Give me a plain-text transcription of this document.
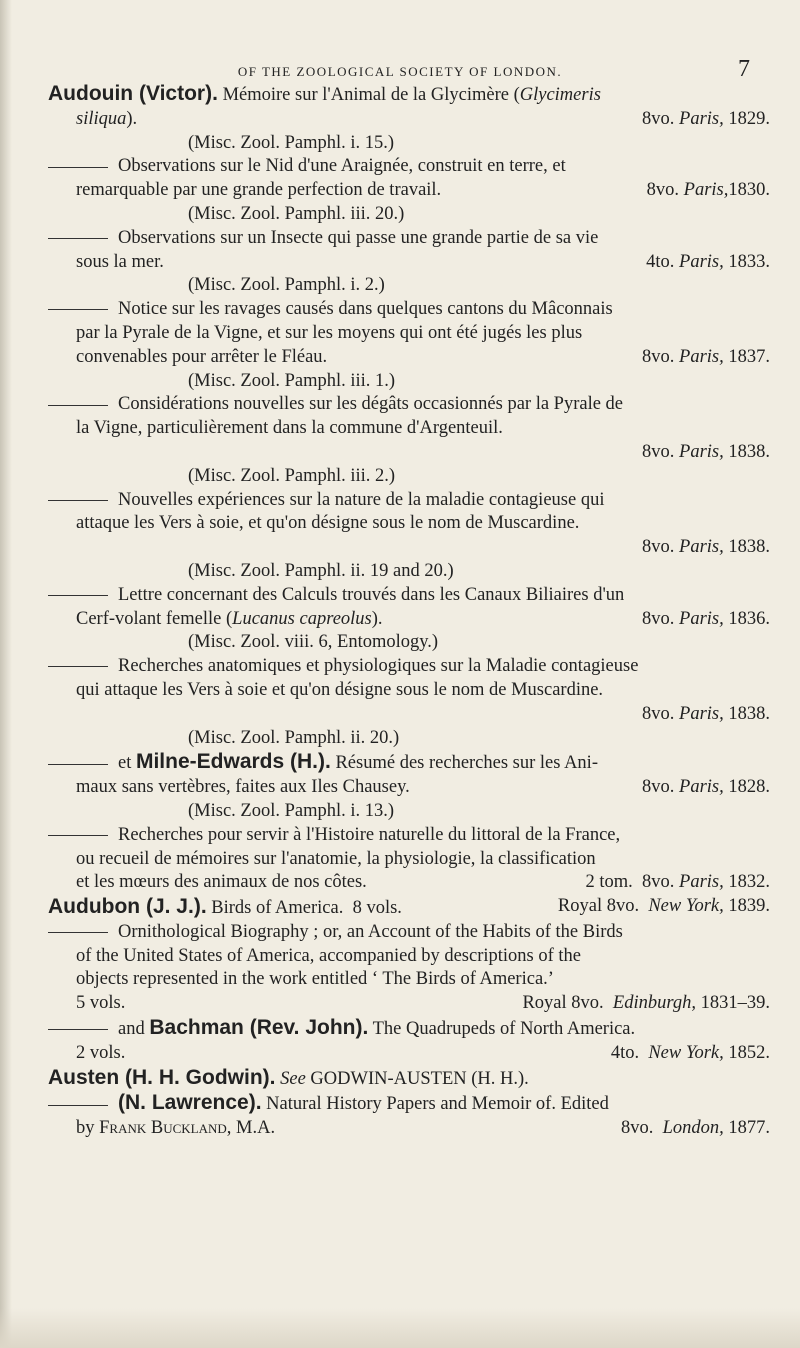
OF THE ZOOLOGICAL SOCIETY OF LONDON.	7
Audouin (Victor). Mémoire sur l'Animal de la Glycimère (Glycimeris
siliqua).	8vo. Paris, 1829.
(Misc. Zool. Pamphl. i. 15.)
Observations sur le Nid d'une Araignée, construit en terre, et
remarquable par une grande perfection de travail.	8vo. Paris,1830.
(Misc. Zool. Pamphl. iii. 20.)
Observations sur un Insecte qui passe une grande partie de sa vie
sous la mer.	4to. Paris, 1833.
(Misc. Zool. Pamphl. i. 2.)
Notice sur les ravages causés dans quelques cantons du Mâconnais
par la Pyrale de la Vigne, et sur les moyens qui ont été jugés les plus
convenables pour arrêter le Fléau.	8vo. Paris, 1837.
(Misc. Zool. Pamphl. iii. 1.)
Considérations nouvelles sur les dégâts occasionnés par la Pyrale de
la Vigne, particulièrement dans la commune d'Argenteuil.
8vo. Paris, 1838.
(Misc. Zool. Pamphl. iii. 2.)
Nouvelles expériences sur la nature de la maladie contagieuse qui
attaque les Vers à soie, et qu'on désigne sous le nom de Muscardine.
8vo. Paris, 1838.
(Misc. Zool. Pamphl. ii. 19 and 20.)
Lettre concernant des Calculs trouvés dans les Canaux Biliaires d'un
Cerf-volant femelle (Lucanus capreolus).	8vo. Paris, 1836.
(Misc. Zool. viii. 6, Entomology.)
Recherches anatomiques et physiologiques sur la Maladie contagieuse
qui attaque les Vers à soie et qu'on désigne sous le nom de Muscardine.
8vo. Paris, 1838.
(Misc. Zool. Pamphl. ii. 20.)
et Milne-Edwards (H.). Résumé des recherches sur les Ani-
maux sans vertèbres, faites aux Iles Chausey.	8vo. Paris, 1828.
(Misc. Zool. Pamphl. i. 13.)
Recherches pour servir à l'Histoire naturelle du littoral de la France,
ou recueil de mémoires sur l'anatomie, la physiologie, la classification
et les mœurs des animaux de nos côtes.	2 tom. 8vo. Paris, 1832.
Audubon (J. J.). Birds of America. 8 vols.	Royal 8vo. New York, 1839.
Ornithological Biography ; or, an Account of the Habits of the Birds
of the United States of America, accompanied by descriptions of the
objects represented in the work entitled ‘ The Birds of America.’
5 vols.	Royal 8vo. Edinburgh, 1831–39.
and Bachman (Rev. John). The Quadrupeds of North America.
2 vols.	4to. New York, 1852.
Austen (H. H. Godwin). See GODWIN-AUSTEN (H. H.).
(N. Lawrence). Natural History Papers and Memoir of. Edited
by Frank Buckland, M.A.	8vo. London, 1877.
